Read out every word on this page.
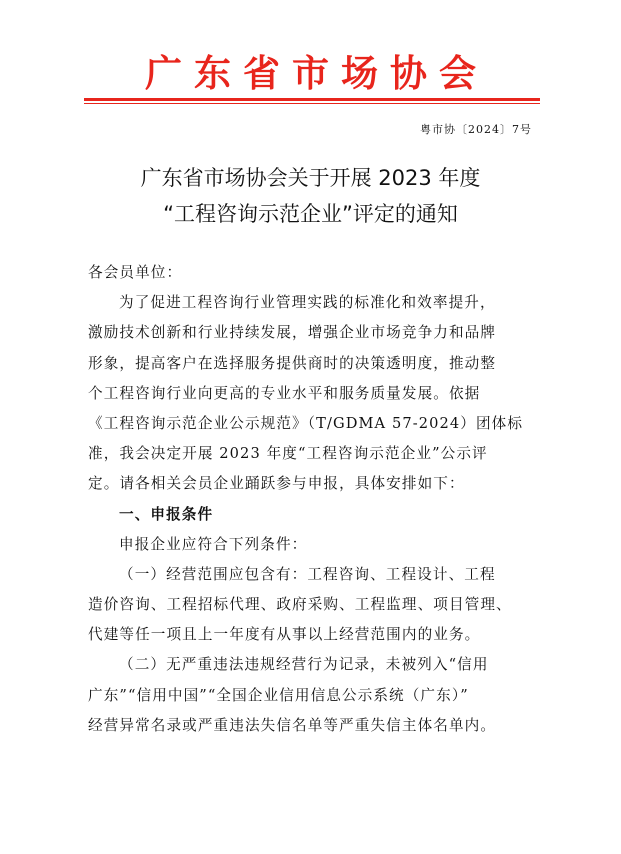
广东省市场协会
粤市协〔2024〕7号
广东省市场协会关于开展 2023 年度
“工程咨询示范企业”评定的通知
各会员单位：
为了促进工程咨询行业管理实践的标准化和效率提升，
激励技术创新和行业持续发展，增强企业市场竞争力和品牌
形象，提高客户在选择服务提供商时的决策透明度，推动整
个工程咨询行业向更高的专业水平和服务质量发展。依据
《工程咨询示范企业公示规范》（T/GDMA 57-2024）团体标
准，我会决定开展 2023 年度“工程咨询示范企业”公示评
定。请各相关会员企业踊跃参与申报，具体安排如下：
一、申报条件
申报企业应符合下列条件：
（一）经营范围应包含有：工程咨询、工程设计、工程
造价咨询、工程招标代理、政府采购、工程监理、项目管理、
代建等任一项且上一年度有从事以上经营范围内的业务。
（二）无严重违法违规经营行为记录，未被列入“信用
广东”“信用中国”“全国企业信用信息公示系统（广东）”
经营异常名录或严重违法失信名单等严重失信主体名单内。
